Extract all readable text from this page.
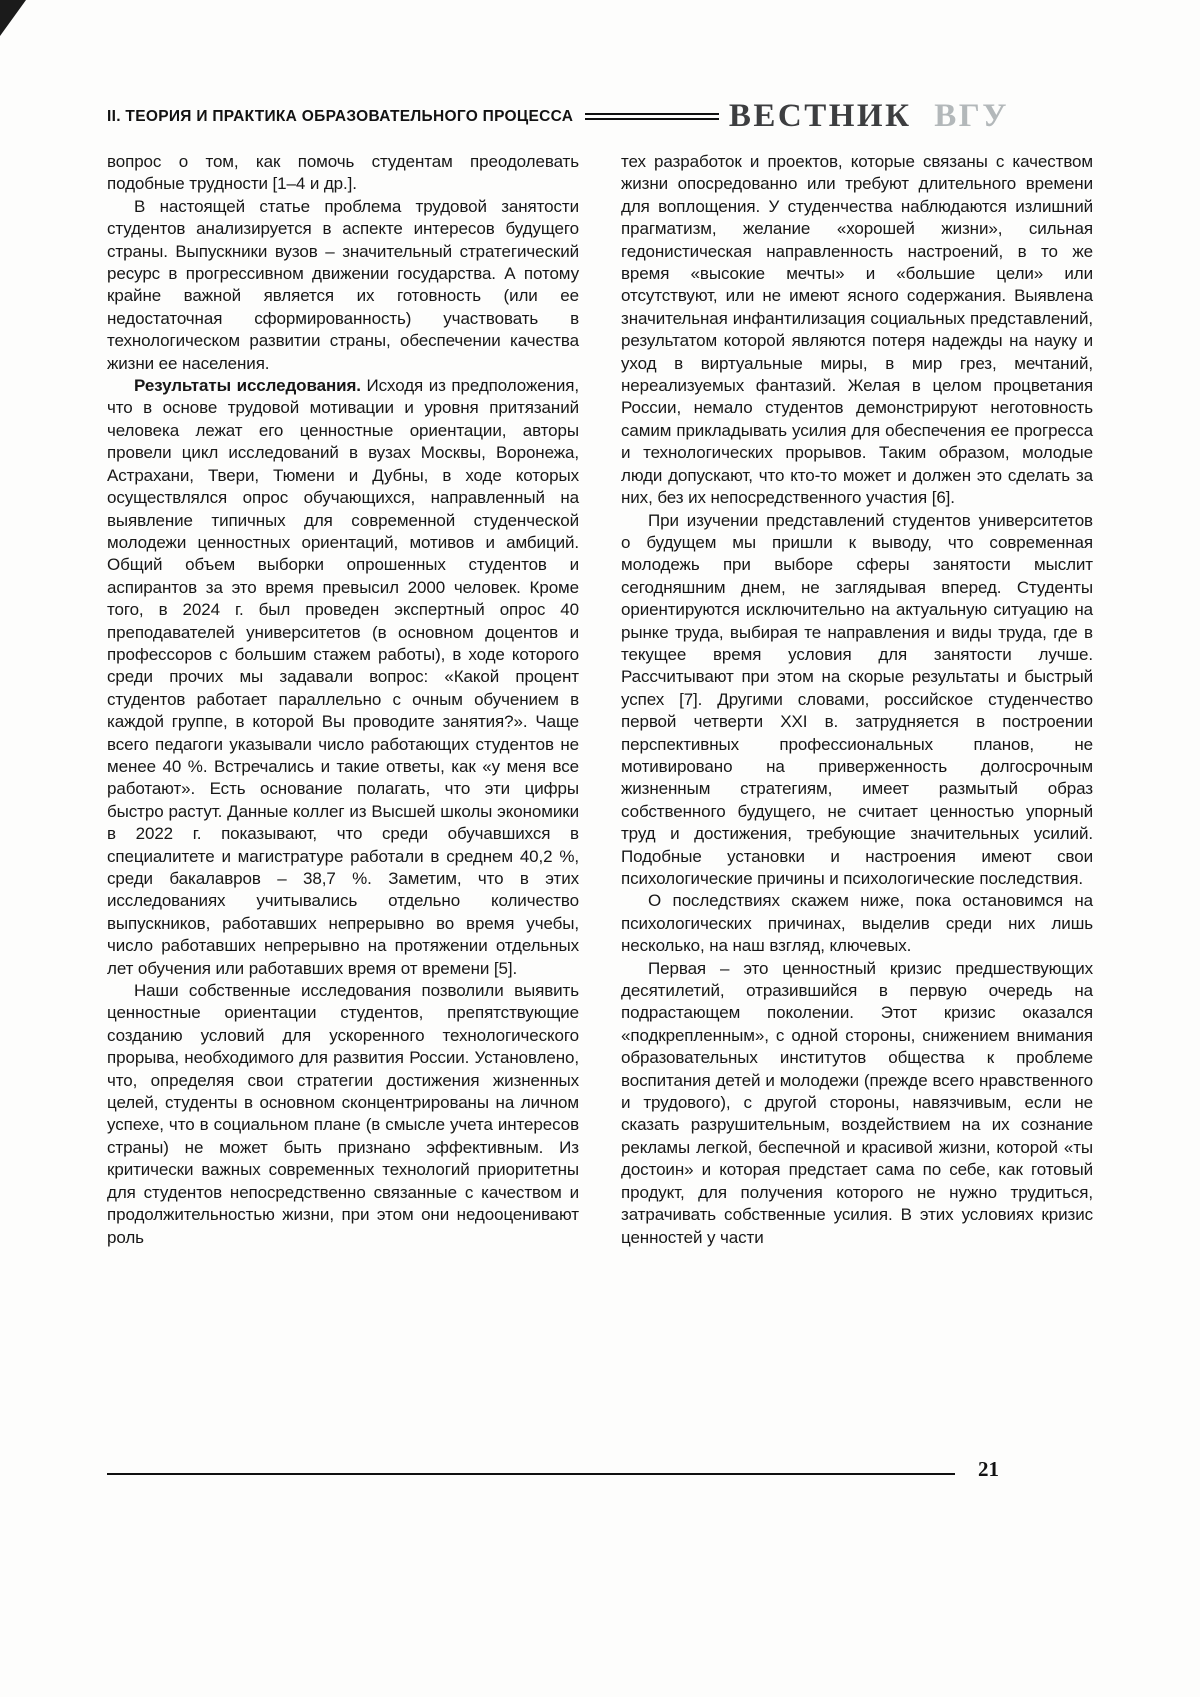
II. ТЕОРИЯ И ПРАКТИКА ОБРАЗОВАТЕЛЬНОГО ПРОЦЕССА	ВЕСТНИК ВГУ

вопрос о том, как помочь студентам преодолевать подобные трудности [1–4 и др.].

В настоящей статье проблема трудовой занятости студентов анализируется в аспекте интересов будущего страны. Выпускники вузов – значительный стратегический ресурс в прогрессивном движении государства. А потому крайне важной является их готовность (или ее недостаточная сформированность) участвовать в технологическом развитии страны, обеспечении качества жизни ее населения.

Результаты исследования. Исходя из предположения, что в основе трудовой мотивации и уровня притязаний человека лежат его ценностные ориентации, авторы провели цикл исследований в вузах Москвы, Воронежа, Астрахани, Твери, Тюмени и Дубны, в ходе которых осуществлялся опрос обучающихся, направленный на выявление типичных для современной студенческой молодежи ценностных ориентаций, мотивов и амбиций. Общий объем выборки опрошенных студентов и аспирантов за это время превысил 2000 человек. Кроме того, в 2024 г. был проведен экспертный опрос 40 преподавателей университетов (в основном доцентов и профессоров с большим стажем работы), в ходе которого среди прочих мы задавали вопрос: «Какой процент студентов работает параллельно с очным обучением в каждой группе, в которой Вы проводите занятия?». Чаще всего педагоги указывали число работающих студентов не менее 40 %. Встречались и такие ответы, как «у меня все работают». Есть основание полагать, что эти цифры быстро растут. Данные коллег из Высшей школы экономики в 2022 г. показывают, что среди обучавшихся в специалитете и магистратуре работали в среднем 40,2 %, среди бакалавров – 38,7 %. Заметим, что в этих исследованиях учитывались отдельно количество выпускников, работавших непрерывно во время учебы, число работавших непрерывно на протяжении отдельных лет обучения или работавших время от времени [5].

Наши собственные исследования позволили выявить ценностные ориентации студентов, препятствующие созданию условий для ускоренного технологического прорыва, необходимого для развития России. Установлено, что, определяя свои стратегии достижения жизненных целей, студенты в основном сконцентрированы на личном успехе, что в социальном плане (в смысле учета интересов страны) не может быть признано эффективным. Из критически важных современных технологий приоритетны для студентов непосредственно связанные с качеством и продолжительностью жизни, при этом они недооценивают роль

тех разработок и проектов, которые связаны с качеством жизни опосредованно или требуют длительного времени для воплощения. У студенчества наблюдаются излишний прагматизм, желание «хорошей жизни», сильная гедонистическая направленность настроений, в то же время «высокие мечты» и «большие цели» или отсутствуют, или не имеют ясного содержания. Выявлена значительная инфантилизация социальных представлений, результатом которой являются потеря надежды на науку и уход в виртуальные миры, в мир грез, мечтаний, нереализуемых фантазий. Желая в целом процветания России, немало студентов демонстрируют неготовность самим прикладывать усилия для обеспечения ее прогресса и технологических прорывов. Таким образом, молодые люди допускают, что кто-то может и должен это сделать за них, без их непосредственного участия [6].

При изучении представлений студентов университетов о будущем мы пришли к выводу, что современная молодежь при выборе сферы занятости мыслит сегодняшним днем, не заглядывая вперед. Студенты ориентируются исключительно на актуальную ситуацию на рынке труда, выбирая те направления и виды труда, где в текущее время условия для занятости лучше. Рассчитывают при этом на скорые результаты и быстрый успех [7]. Другими словами, российское студенчество первой четверти XXI в. затрудняется в построении перспективных профессиональных планов, не мотивировано на приверженность долгосрочным жизненным стратегиям, имеет размытый образ собственного будущего, не считает ценностью упорный труд и достижения, требующие значительных усилий. Подобные установки и настроения имеют свои психологические причины и психологические последствия.

О последствиях скажем ниже, пока остановимся на психологических причинах, выделив среди них лишь несколько, на наш взгляд, ключевых.

Первая – это ценностный кризис предшествующих десятилетий, отразившийся в первую очередь на подрастающем поколении. Этот кризис оказался «подкрепленным», с одной стороны, снижением внимания образовательных институтов общества к проблеме воспитания детей и молодежи (прежде всего нравственного и трудового), с другой стороны, навязчивым, если не сказать разрушительным, воздействием на их сознание рекламы легкой, беспечной и красивой жизни, которой «ты достоин» и которая предстает сама по себе, как готовый продукт, для получения которого не нужно трудиться, затрачивать собственные усилия. В этих условиях кризис ценностей у части

21
